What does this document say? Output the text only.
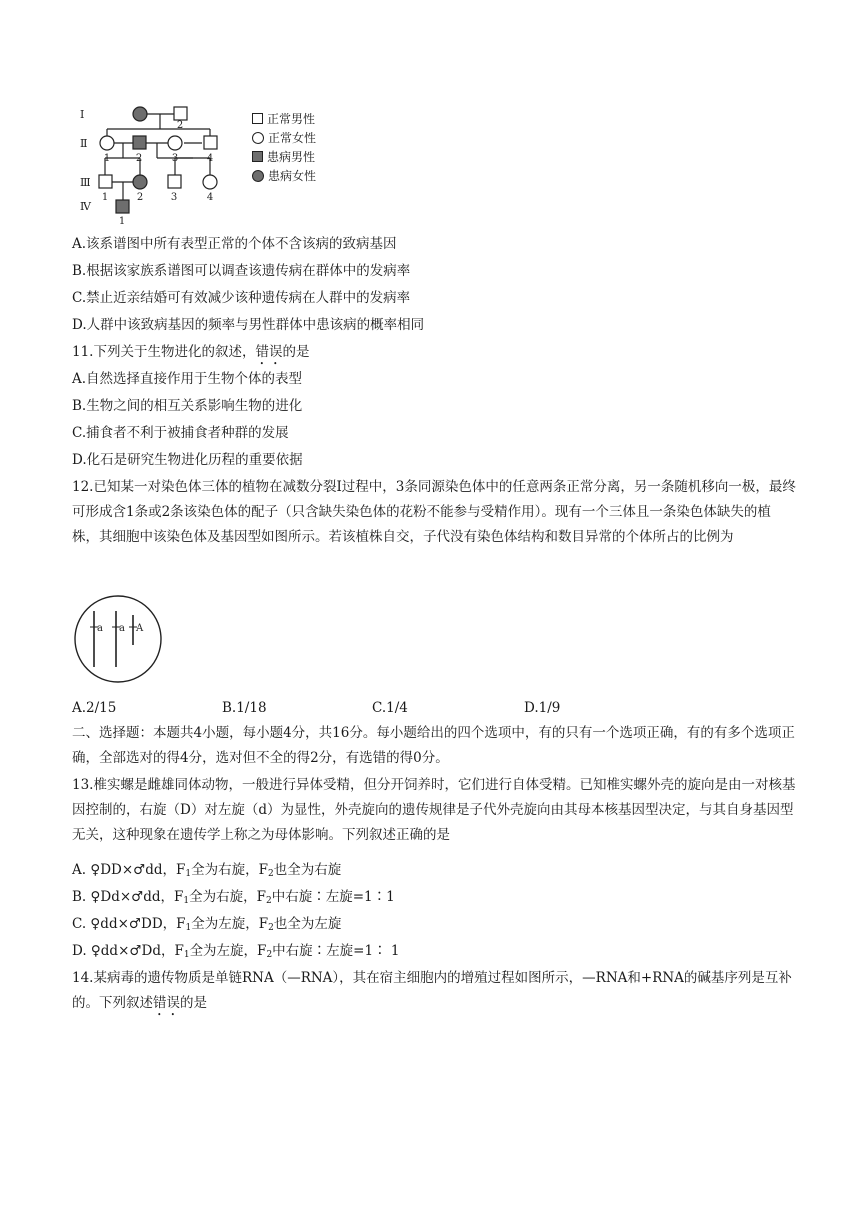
Ⅰ
Ⅱ
Ⅲ
Ⅳ
2
1	2	3	4
1	2	3	4
1
正常男性
正常女性
患病男性
患病女性
A.该系谱图中所有表型正常的个体不含该病的致病基因
B.根据该家族系谱图可以调查该遗传病在群体中的发病率
C.禁止近亲结婚可有效减少该种遗传病在人群中的发病率
D.人群中该致病基因的频率与男性群体中患该病的概率相同
11.下列关于生物进化的叙述，错误的是
A.自然选择直接作用于生物个体的表型
B.生物之间的相互关系影响生物的进化
C.捕食者不利于被捕食者种群的发展
D.化石是研究生物进化历程的重要依据
12.已知某一对染色体三体的植物在减数分裂Ⅰ过程中，3条同源染色体中的任意两条正常分离，另一条随机移向一极，最终可形成含1条或2条该染色体的配子（只含缺失染色体的花粉不能参与受精作用）。现有一个三体且一条染色体缺失的植株，其细胞中该染色体及基因型如图所示。若该植株自交，子代没有染色体结构和数目异常的个体所占的比例为
a a A
A.2/15	B.1/18	C.1/4	D.1/9
二、选择题：本题共4小题，每小题4分，共16分。每小题给出的四个选项中，有的只有一个选项正确，有的有多个选项正确，全部选对的得4分，选对但不全的得2分，有选错的得0分。
13.椎实螺是雌雄同体动物，一般进行异体受精，但分开饲养时，它们进行自体受精。已知椎实螺外壳的旋向是由一对核基因控制的，右旋（D）对左旋（d）为显性，外壳旋向的遗传规律是子代外壳旋向由其母本核基因型决定，与其自身基因型无关，这种现象在遗传学上称之为母体影响。下列叙述正确的是
A. ♀DD×♂dd，$F_1$全为右旋，$F_2$也全为右旋
B. ♀Dd×♂dd，$F_1$全为右旋，$F_2$中右旋∶左旋=1∶1
C. ♀dd×♂DD，$F_1$全为左旋，$F_2$也全为左旋
D. ♀dd×♂Dd，$F_1$全为左旋，$F_2$中右旋∶左旋=1∶ 1
14.某病毒的遗传物质是单链RNA（—RNA），其在宿主细胞内的增殖过程如图所示，—RNA和+RNA的碱基序列是互补的。下列叙述错误的是
